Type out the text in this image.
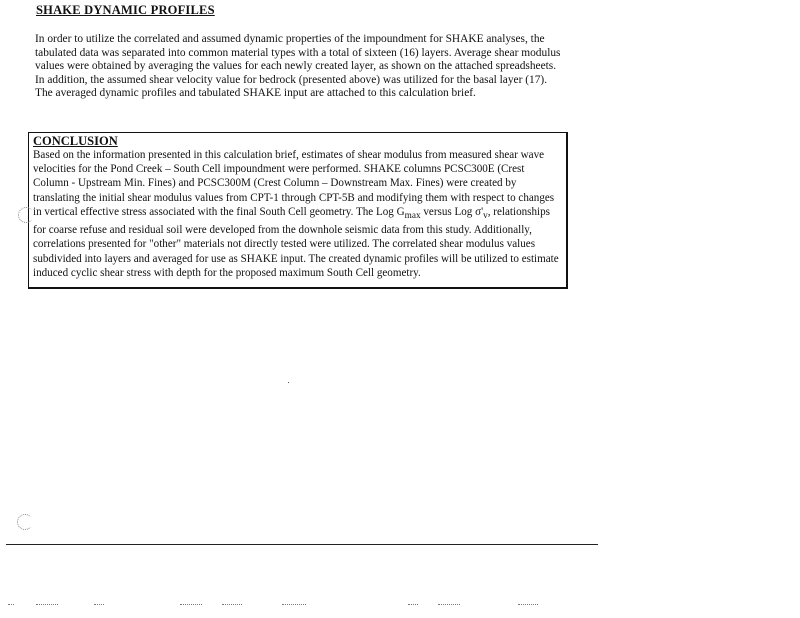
SHAKE DYNAMIC PROFILES
In order to utilize the correlated and assumed dynamic properties of the impoundment for SHAKE analyses, the tabulated data was separated into common material types with a total of sixteen (16) layers. Average shear modulus values were obtained by averaging the values for each newly created layer, as shown on the attached spreadsheets. In addition, the assumed shear velocity value for bedrock (presented above) was utilized for the basal layer (17). The averaged dynamic profiles and tabulated SHAKE input are attached to this calculation brief.
CONCLUSION
Based on the information presented in this calculation brief, estimates of shear modulus from measured shear wave velocities for the Pond Creek – South Cell impoundment were performed. SHAKE columns PCSC300E (Crest Column - Upstream Min. Fines) and PCSC300M (Crest Column – Downstream Max. Fines) were created by translating the initial shear modulus values from CPT-1 through CPT-5B and modifying them with respect to changes in vertical effective stress associated with the final South Cell geometry. The Log $G_{max}$ versus Log $\sigma'_v$, relationships for coarse refuse and residual soil were developed from the downhole seismic data from this study. Additionally, correlations presented for "other" materials not directly tested were utilized. The correlated shear modulus values subdivided into layers and averaged for use as SHAKE input. The created dynamic profiles will be utilized to estimate induced cyclic shear stress with depth for the proposed maximum South Cell geometry.
